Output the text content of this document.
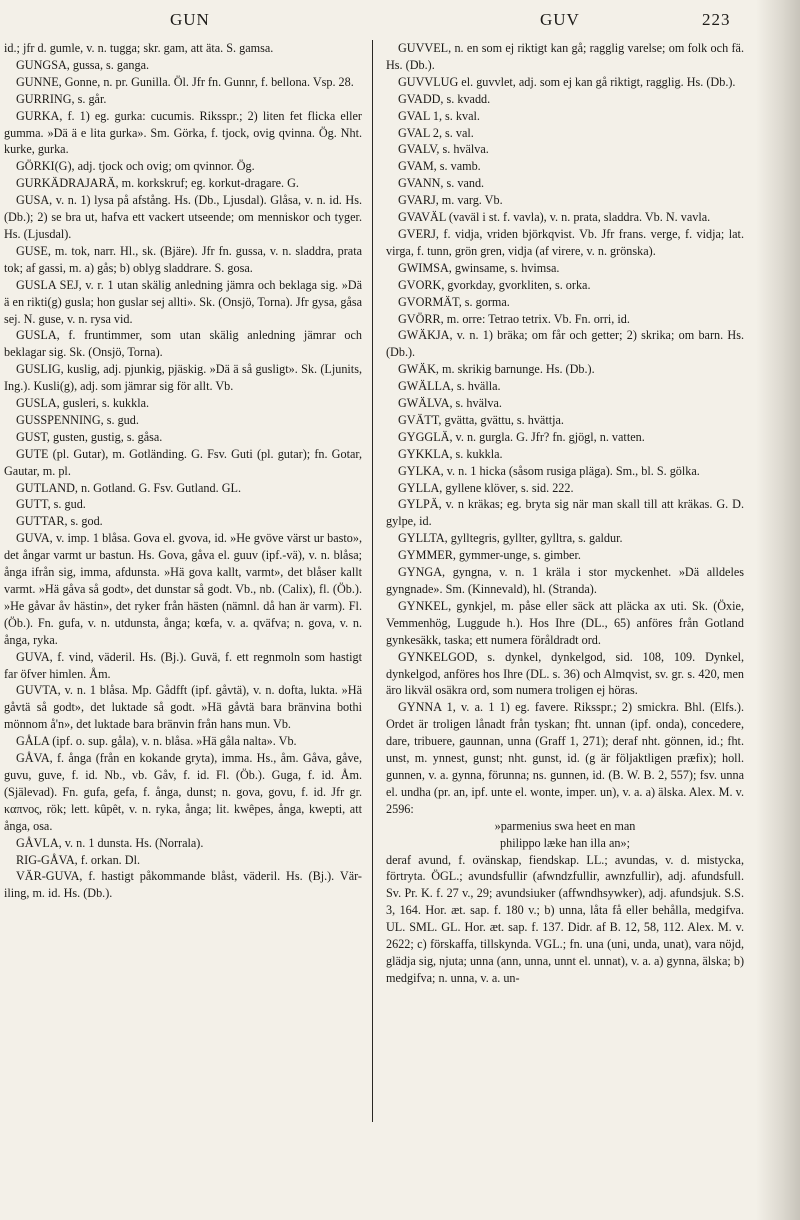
GUN	GUV	223

id.; jfr d. gumle, v. n. tugga; skr. gam, att äta. S. gamsa.

GUNGSA, gussa, s. ganga.

GUNNE, Gonne, n. pr. Gunilla. Öl. Jfr fn. Gunnr, f. bellona. Vsp. 28.

GURRING, s. går.

GURKA, f. 1) eg. gurka: cucumis. Riksspr.; 2) liten fet flicka eller gumma. »Dä ä e lita gurka». Sm. Görka, f. tjock, ovig qvinna. Ög. Nht. kurke, gurka.

GÖRKI(G), adj. tjock och ovig; om qvinnor. Ög.

GURKÄDRAJARÄ, m. korkskruf; eg. korkut-dragare. G.

GUSA, v. n. 1) lysa på afstång. Hs. (Db., Ljusdal). Glåsa, v. n. id. Hs. (Db.); 2) se bra ut, hafva ett vackert utseende; om menniskor och tyger. Hs. (Ljusdal).

GUSE, m. tok, narr. Hl., sk. (Bjäre). Jfr fn. gussa, v. n. sladdra, prata tok; af gassi, m. a) gås; b) oblyg sladdrare. S. gosa.

GUSLA SEJ, v. r. 1 utan skälig anledning jämra och beklaga sig. »Dä ä en rikti(g) gusla; hon guslar sej allti». Sk. (Onsjö, Torna). Jfr gysa, gåsa sej. N. guse, v. n. rysa vid.

GUSLA, f. fruntimmer, som utan skälig anledning jämrar och beklagar sig. Sk. (Onsjö, Torna).

GUSLIG, kuslig, adj. pjunkig, pjäskig. »Dä ä så gusligt». Sk. (Ljunits, Ing.). Kusli(g), adj. som jämrar sig för allt. Vb.

GUSLA, gusleri, s. kukkla.

GUSSPENNING, s. gud.

GUST, gusten, gustig, s. gåsa.

GUTE (pl. Gutar), m. Gotländing. G. Fsv. Guti (pl. gutar); fn. Gotar, Gautar, m. pl.

GUTLAND, n. Gotland. G. Fsv. Gutland. GL.

GUTT, s. gud.

GUTTAR, s. god.

GUVA, v. imp. 1 blåsa. Gova el. gvova, id. »He gvöve värst ur basto», det ångar varmt ur bastun. Hs. Gova, gåva el. guuv (ipf.-vä), v. n. blåsa; ånga ifrån sig, imma, afdunsta. »Hä gova kallt, varmt», det blåser kallt varmt. »Hä gåva så godt», det dunstar så godt. Vb., nb. (Calix), fl. (Öb.). »He gåvar åv hästin», det ryker från hästen (nämnl. då han är varm). Fl. (Öb.). Fn. gufa, v. n. utdunsta, ånga; kœfa, v. a. qväfva; n. gova, v. n. ånga, ryka.

GUVA, f. vind, väderil. Hs. (Bj.). Guvä, f. ett regnmoln som hastigt far öfver himlen. Åm.

GUVTA, v. n. 1 blåsa. Mp. Gådfft (ipf. gåvtä), v. n. dofta, lukta. »Hä gåvtä så godt», det luktade så godt. »Hä gåvtä bara bränvina bothi mönnom å'n», det luktade bara bränvin från hans mun. Vb.

GÅLA (ipf. o. sup. gåla), v. n. blåsa. »Hä gåla nalta». Vb.

GÅVA, f. ånga (från en kokande gryta), imma. Hs., åm. Gåva, gåve, guvu, guve, f. id. Nb., vb. Gåv, f. id. Fl. (Öb.). Guga, f. id. Åm. (Själevad). Fn. gufa, gefa, f. ånga, dunst; n. gova, govu, f. id. Jfr gr. καπνος, rök; lett. kûpêt, v. n. ryka, ånga; lit. kwêpes, ånga, kwepti, att ånga, osa.

GÅVLA, v. n. 1 dunsta. Hs. (Norrala).

RIG-GÅVA, f. orkan. Dl.

VÄR-GUVA, f. hastigt påkommande blåst, väderil. Hs. (Bj.). Vär-iling, m. id. Hs. (Db.).

GUVVEL, n. en som ej riktigt kan gå; ragglig varelse; om folk och fä. Hs. (Db.).

GUVVLUG el. guvvlet, adj. som ej kan gå riktigt, ragglig. Hs. (Db.).

GVADD, s. kvadd.

GVAL 1, s. kval.

GVAL 2, s. val.

GVALV, s. hvälva.

GVAM, s. vamb.

GVANN, s. vand.

GVARJ, m. varg. Vb.

GVAVÄL (vaväl i st. f. vavla), v. n. prata, sladdra. Vb. N. vavla.

GVERJ, f. vidja, vriden björkqvist. Vb. Jfr frans. verge, f. vidja; lat. virga, f. tunn, grön gren, vidja (af virere, v. n. grönska).

GWIMSA, gwinsame, s. hvimsa.

GVORK, gvorkday, gvorkliten, s. orka.

GVORMÄT, s. gorma.

GVÖRR, m. orre: Tetrao tetrix. Vb. Fn. orri, id.

GWÄKJA, v. n. 1) bräka; om får och getter; 2) skrika; om barn. Hs. (Db.).

GWÄK, m. skrikig barnunge. Hs. (Db.).

GWÄLLA, s. hvälla.

GWÄLVA, s. hvälva.

GVÄTT, gvätta, gvättu, s. hvättja.

GYGGLÄ, v. n. gurgla. G. Jfr? fn. gjögl, n. vatten.

GYKKLA, s. kukkla.

GYLKA, v. n. 1 hicka (såsom rusiga pläga). Sm., bl. S. gölka.

GYLLA, gyllene klöver, s. sid. 222.

GYLPÄ, v. n kräkas; eg. bryta sig när man skall till att kräkas. G. D. gylpe, id.

GYLLTA, gylltegris, gyllter, gylltra, s. galdur.

GYMMER, gymmer-unge, s. gimber.

GYNGA, gyngna, v. n. 1 kräla i stor myckenhet. »Dä alldeles gyngnade». Sm. (Kinnevald), hl. (Stranda).

GYNKEL, gynkjel, m. påse eller säck att pläcka ax uti. Sk. (Öxie, Vemmenhög, Luggude h.). Hos Ihre (DL., 65) anföres från Gotland gynkesäkk, taska; ett numera föråldradt ord.

GYNKELGOD, s. dynkel, dynkelgod, sid. 108, 109. Dynkel, dynkelgod, anföres hos Ihre (DL. s. 36) och Almqvist, sv. gr. s. 420, men äro likväl osäkra ord, som numera troligen ej höras.

GYNNA 1, v. a. 1 1) eg. favere. Riksspr.; 2) smickra. Bhl. (Elfs.). Ordet är troligen lånadt från tyskan; fht. unnan (ipf. onda), concedere, dare, tribuere, gaunnan, unna (Graff 1, 271); deraf nht. gönnen, id.; fht. unst, m. ynnest, gunst; nht. gunst, id. (g är följaktligen præfix); holl. gunnen, v. a. gynna, förunna; ns. gunnen, id. (B. W. B. 2, 557); fsv. unna el. undha (pr. an, ipf. unte el. wonte, imper. un), v. a. a) älska. Alex. M. v. 2596:

»parmenius swa heet en man

philippo læke han illa an»;

deraf avund, f. ovänskap, fiendskap. LL.; avundas, v. d. mistycka, förtryta. ÖGL.; avundsfullir (afwndzfullir, awnzfullir), adj. afundsfull. Sv. Pr. K. f. 27 v., 29; avundsiuker (affwndhsywker), adj. afundsjuk. S.S. 3, 164. Hor. æt. sap. f. 180 v.; b) unna, låta få eller behålla, medgifva. UL. SML. GL. Hor. æt. sap. f. 137. Didr. af B. 12, 58, 112. Alex. M. v. 2622; c) förskaffa, tillskynda. VGL.; fn. una (uni, unda, unat), vara nöjd, glädja sig, njuta; unna (ann, unna, unnt el. unnat), v. a. a) gynna, älska; b) medgifva; n. unna, v. a. un-
